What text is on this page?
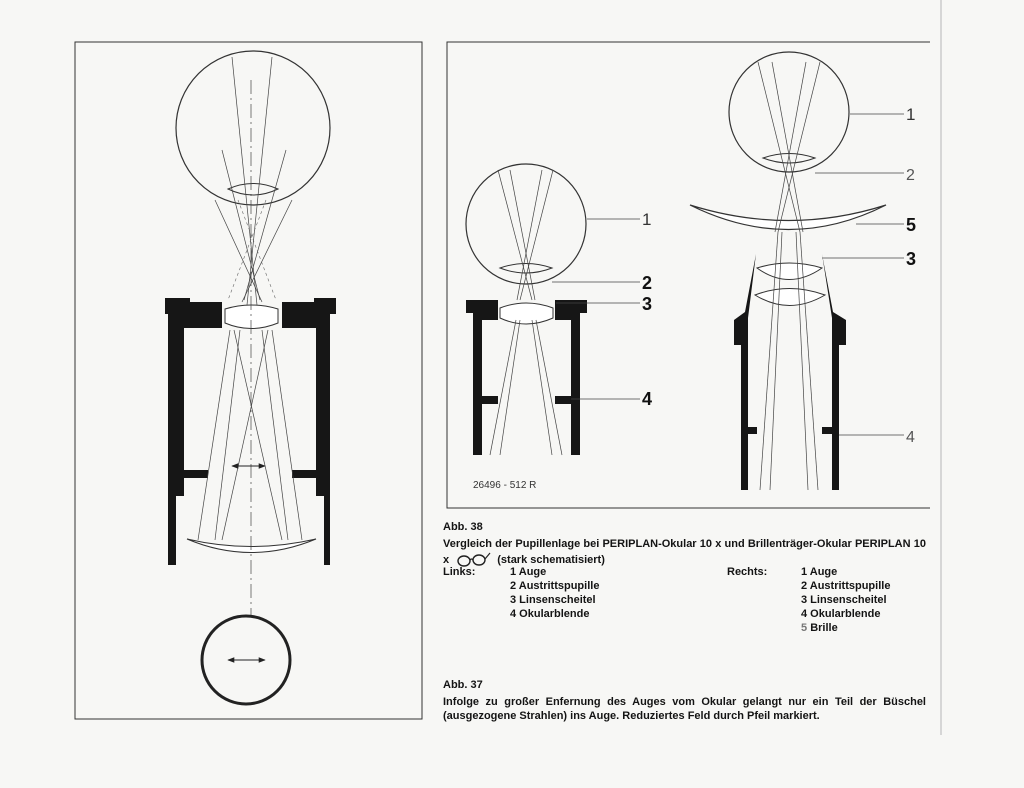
26496 - 512 R
1
2
3
4
1
2
5
3
4
Abb. 38
Vergleich der Pupillenlage bei PERIPLAN-Okular 10 x und Brillenträger-Okular PERIPLAN 10 x	(stark schematisiert)
Links:	1 Auge
2 Austrittspupille
3 Linsenscheitel
4 Okularblende
Rechts:	1 Auge
2 Austrittspupille
3 Linsenscheitel
4 Okularblende
5 Brille
Abb. 37
Infolge zu großer Enfernung des Auges vom Okular gelangt nur ein Teil der Büschel (ausgezogene Strahlen) ins Auge. Reduziertes Feld durch Pfeil markiert.
